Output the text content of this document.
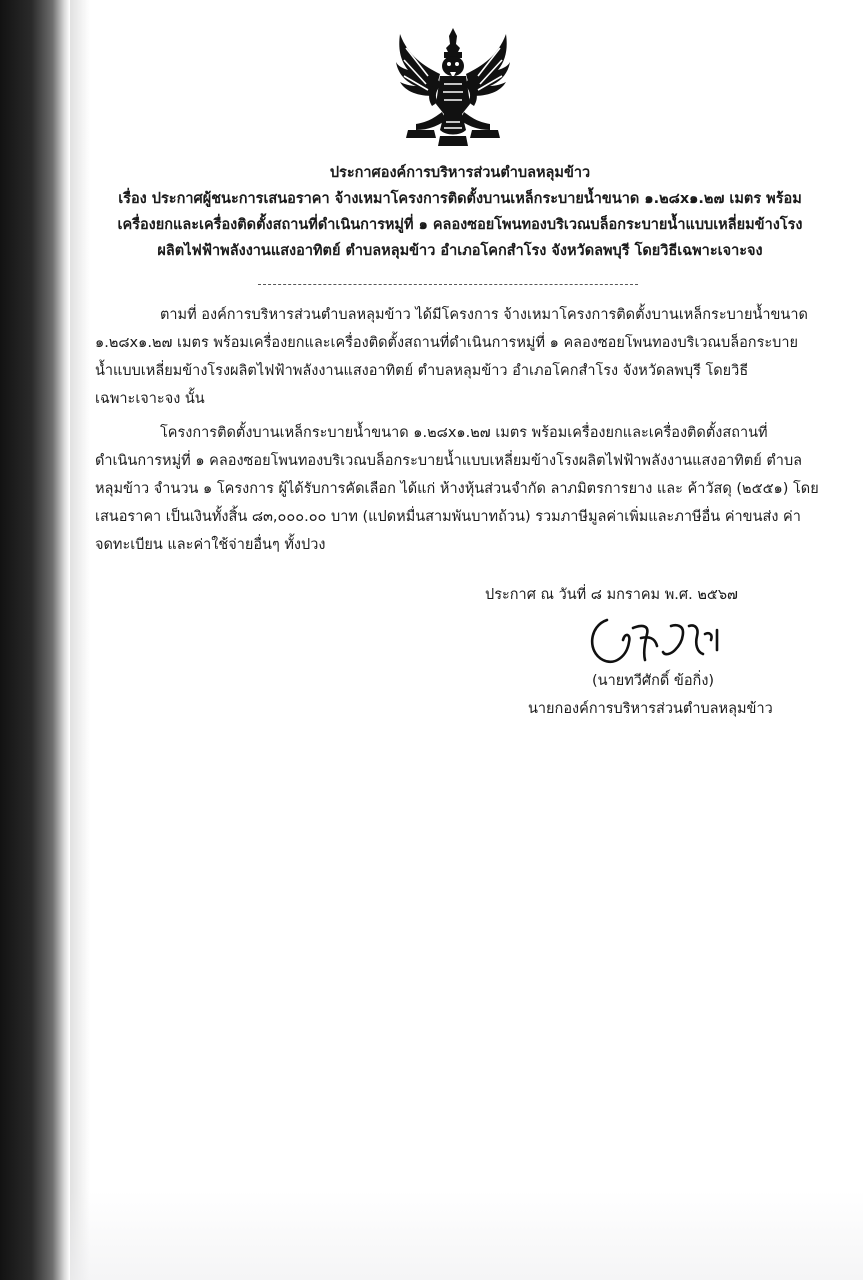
ประกาศองค์การบริหารส่วนตำบลหลุมข้าว
เรื่อง ประกาศผู้ชนะการเสนอราคา จ้างเหมาโครงการติดตั้งบานเหล็กระบายน้ำขนาด ๑.๒๘x๑.๒๗ เมตร พร้อม
เครื่องยกและเครื่องติดตั้งสถานที่ดำเนินการหมู่ที่ ๑ คลองซอยโพนทองบริเวณบล็อกระบายน้ำแบบเหลี่ยมข้างโรง
ผลิตไฟฟ้าพลังงานแสงอาทิตย์ ตำบลหลุมข้าว อำเภอโคกสำโรง จังหวัดลพบุรี โดยวิธีเฉพาะเจาะจง
ตามที่ องค์การบริหารส่วนตำบลหลุมข้าว ได้มีโครงการ จ้างเหมาโครงการติดตั้งบานเหล็กระบายน้ำขนาด
๑.๒๘x๑.๒๗ เมตร พร้อมเครื่องยกและเครื่องติดตั้งสถานที่ดำเนินการหมู่ที่ ๑ คลองซอยโพนทองบริเวณบล็อกระบาย
น้ำแบบเหลี่ยมข้างโรงผลิตไฟฟ้าพลังงานแสงอาทิตย์ ตำบลหลุมข้าว อำเภอโคกสำโรง จังหวัดลพบุรี โดยวิธี
เฉพาะเจาะจง นั้น
โครงการติดตั้งบานเหล็กระบายน้ำขนาด ๑.๒๘x๑.๒๗ เมตร พร้อมเครื่องยกและเครื่องติดตั้งสถานที่
ดำเนินการหมู่ที่ ๑ คลองซอยโพนทองบริเวณบล็อกระบายน้ำแบบเหลี่ยมข้างโรงผลิตไฟฟ้าพลังงานแสงอาทิตย์ ตำบล
หลุมข้าว จำนวน ๑ โครงการ ผู้ได้รับการคัดเลือก ได้แก่ ห้างหุ้นส่วนจำกัด ลาภมิตรการยาง และ ค้าวัสดุ (๒๕๕๑) โดย
เสนอราคา เป็นเงินทั้งสิ้น ๘๓,๐๐๐.๐๐ บาท (แปดหมื่นสามพันบาทถ้วน) รวมภาษีมูลค่าเพิ่มและภาษีอื่น ค่าขนส่ง ค่า
จดทะเบียน และค่าใช้จ่ายอื่นๆ ทั้งปวง
ประกาศ ณ วันที่ ๘ มกราคม พ.ศ. ๒๕๖๗
(นายทวีศักดิ์ ข้อกิ่ง)
นายกองค์การบริหารส่วนตำบลหลุมข้าว
